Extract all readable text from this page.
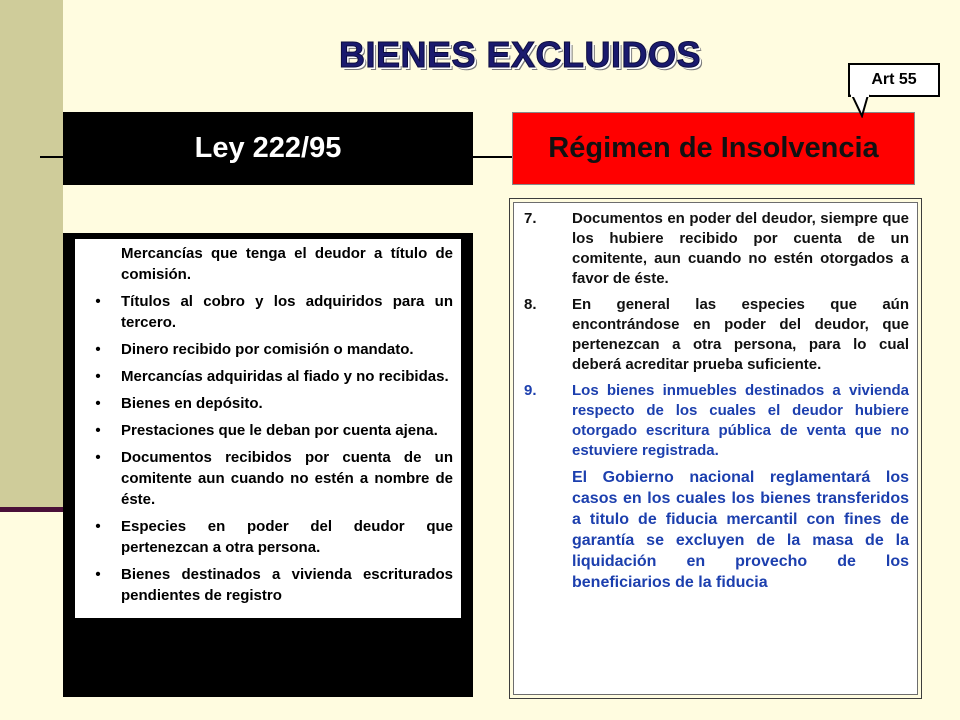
BIENES EXCLUIDOS
Ley 222/95	Régimen de Insolvencia
Art 55
Mercancías que tenga el deudor a título de comisión.
•	Títulos al cobro y los adquiridos para un tercero.
•	Dinero recibido por comisión o mandato.
•	Mercancías adquiridas al fiado y no recibidas.
•	Bienes en depósito.
•	Prestaciones que le deban por cuenta ajena.
•	Documentos recibidos por cuenta de un comitente aun cuando no estén a nombre de éste.
•	Especies en poder del deudor que pertenezcan a otra persona.
•	Bienes destinados a vivienda escriturados pendientes de registro
7.	Documentos en poder del deudor, siempre que los hubiere recibido por cuenta de un comitente, aun cuando no estén otorgados a favor de éste.
8.	En general las especies que aún encontrándose en poder del deudor, que pertenezcan a otra persona, para lo cual deberá acreditar prueba suficiente.
9.	Los bienes inmuebles destinados a vivienda respecto de los cuales el deudor hubiere otorgado escritura pública de venta que no estuviere registrada.
El Gobierno nacional reglamentará los casos en los cuales los bienes transferidos a titulo de fiducia mercantil con fines de garantía se excluyen de la masa de la liquidación en provecho de los beneficiarios de la fiducia
